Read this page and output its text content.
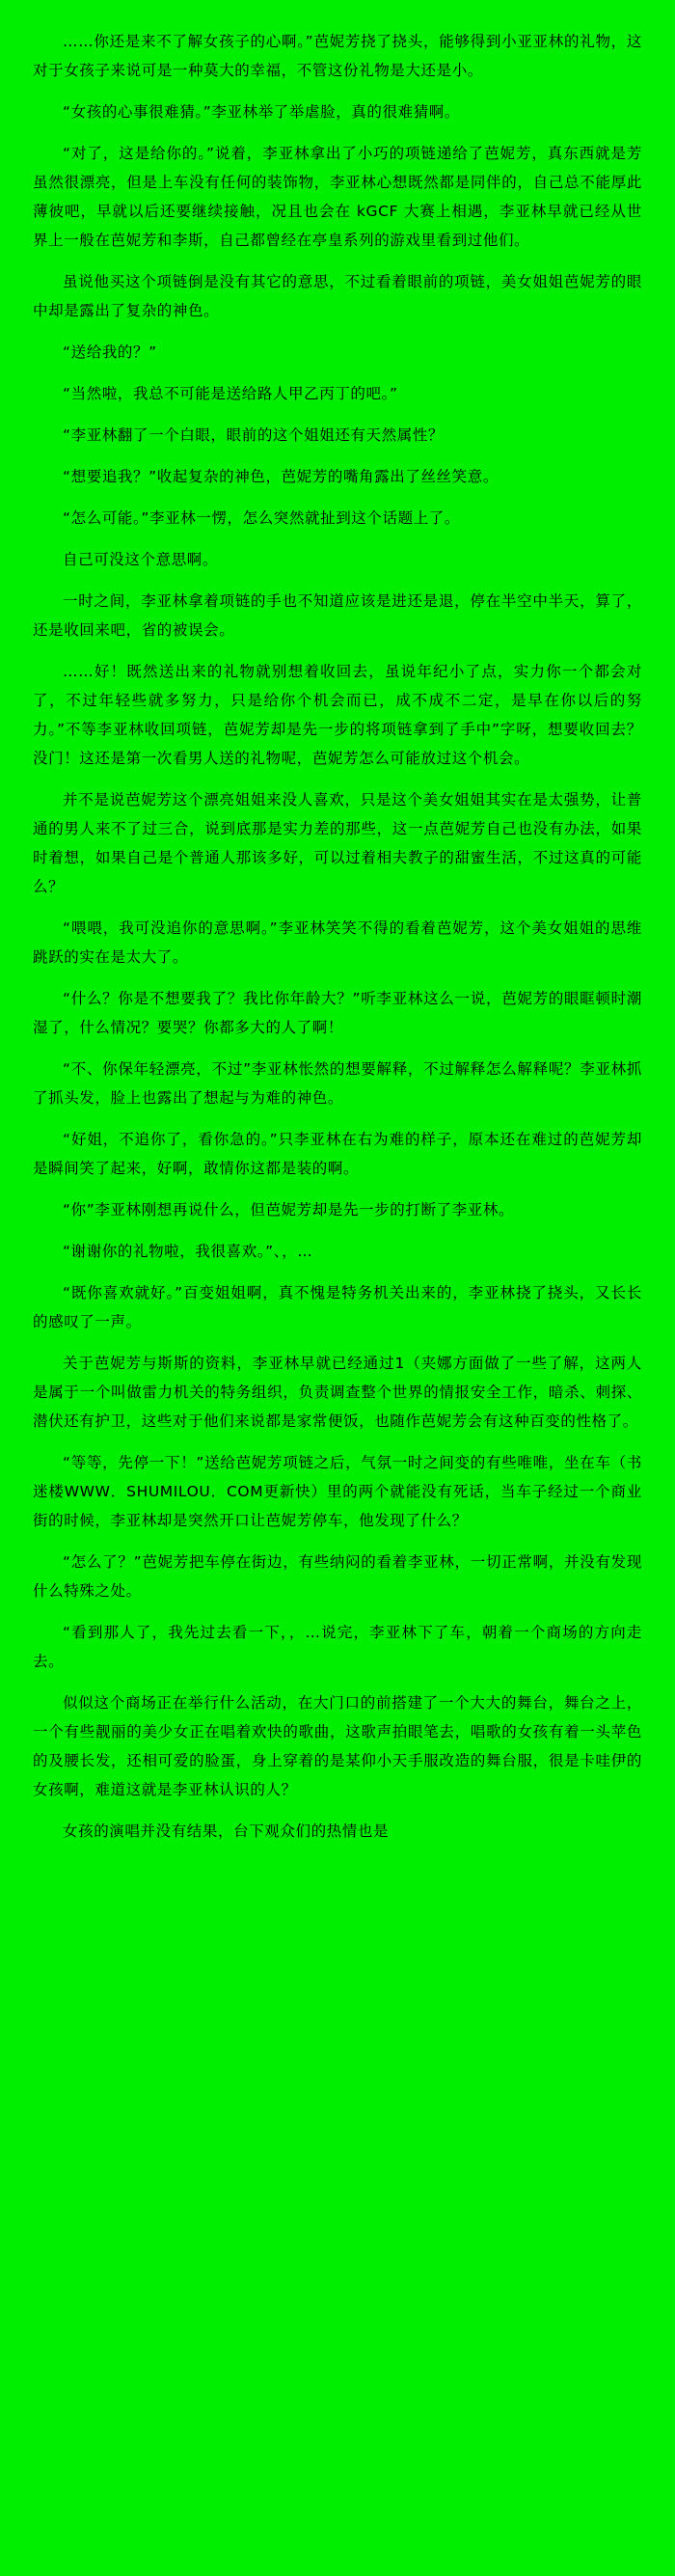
……你还是来不了解女孩子的心啊。”芭妮芳挠了挠头，能够得到小亚亚林的礼物，这对于女孩子来说可是一种莫大的幸福，不管这份礼物是大还是小。

“女孩的心事很难猜。”李亚林举了举虐脸，真的很难猜啊。

“对了，这是给你的。”说着，李亚林拿出了小巧的项链递给了芭妮芳，真东西就是芳虽然很漂亮，但是上车没有任何的装饰物，李亚林心想既然都是同伴的，自己总不能厚此薄彼吧，早就以后还要继续接触，况且也会在 kGCF 大赛上相遇，李亚林早就已经从世界上一般在芭妮芳和李斯，自己都曾经在亭皇系列的游戏里看到过他们。

虽说他买这个项链倒是没有其它的意思，不过看着眼前的项链，美女姐姐芭妮芳的眼中却是露出了复杂的神色。

“送给我的？”

“当然啦，我总不可能是送给路人甲乙丙丁的吧。”

“李亚林翻了一个白眼，眼前的这个姐姐还有天然属性？

“想要追我？”收起复杂的神色，芭妮芳的嘴角露出了丝丝笑意。

“怎么可能。”李亚林一愣，怎么突然就扯到这个话题上了。

自己可没这个意思啊。

一时之间，李亚林拿着项链的手也不知道应该是进还是退，停在半空中半天，算了，还是收回来吧，省的被误会。

……好！既然送出来的礼物就别想着收回去，虽说年纪小了点，实力你一个都会对了，不过年轻些就多努力，只是给你个机会而已，成不成不二定，是早在你以后的努力。”不等李亚林收回项链，芭妮芳却是先一步的将项链拿到了手中”字呀，想要收回去？没门！这还是第一次看男人送的礼物呢，芭妮芳怎么可能放过这个机会。

并不是说芭妮芳这个漂亮姐姐来没人喜欢，只是这个美女姐姐其实在是太强势，让普通的男人来不了过三合，说到底那是实力差的那些，这一点芭妮芳自己也没有办法，如果时着想，如果自己是个普通人那该多好，可以过着相夫教子的甜蜜生活，不过这真的可能么？

“喂喂，我可没追你的意思啊。”李亚林笑笑不得的看着芭妮芳，这个美女姐姐的思维跳跃的实在是太大了。

“什么？你是不想要我了？我比你年龄大？”听李亚林这么一说，芭妮芳的眼眶顿时潮湿了，什么情况？要哭？你都多大的人了啊！

“不、你保年轻漂亮，不过”李亚林怅然的想要解释，不过解释怎么解释呢？李亚林抓了抓头发，脸上也露出了想起与为难的神色。

“好姐，不追你了，看你急的。”只李亚林在右为难的样子，原本还在难过的芭妮芳却是瞬间笑了起来，好啊，敢情你这都是装的啊。

“你”李亚林刚想再说什么，但芭妮芳却是先一步的打断了李亚林。

“谢谢你的礼物啦，我很喜欢。”、，…

“既你喜欢就好。”百变姐姐啊，真不愧是特务机关出来的，李亚林挠了挠头，又长长的感叹了一声。

关于芭妮芳与斯斯的资料，李亚林早就已经通过1（夹娜方面做了一些了解，这两人是属于一个叫做雷力机关的特务组织，负责调查整个世界的情报安全工作，暗杀、刺探、潜伏还有护卫，这些对于他们来说都是家常便饭，也随作芭妮芳会有这种百变的性格了。

“等等，先停一下！”送给芭妮芳项链之后，气氛一时之间变的有些唯唯，坐在车（书迷楼WWW．SHUMILOU．COM更新快）里的两个就能没有死话，当车子经过一个商业街的时候，李亚林却是突然开口让芭妮芳停车，他发现了什么？

“怎么了？”芭妮芳把车停在街边，有些纳闷的看着李亚林，一切正常啊，并没有发现什么特殊之处。

“看到那人了，我先过去看一下，，…说完，李亚林下了车，朝着一个商场的方向走去。

似似这个商场正在举行什么活动，在大门口的前搭建了一个大大的舞台，舞台之上，一个有些靓丽的美少女正在唱着欢快的歌曲，这歌声拍眼笔去，唱歌的女孩有着一头苹色的及腰长发，还相可爱的脸蛋，身上穿着的是某仰小天手服改造的舞台服，很是卡哇伊的女孩啊，难道这就是李亚林认识的人？

女孩的演唱并没有结果，台下观众们的热情也是
